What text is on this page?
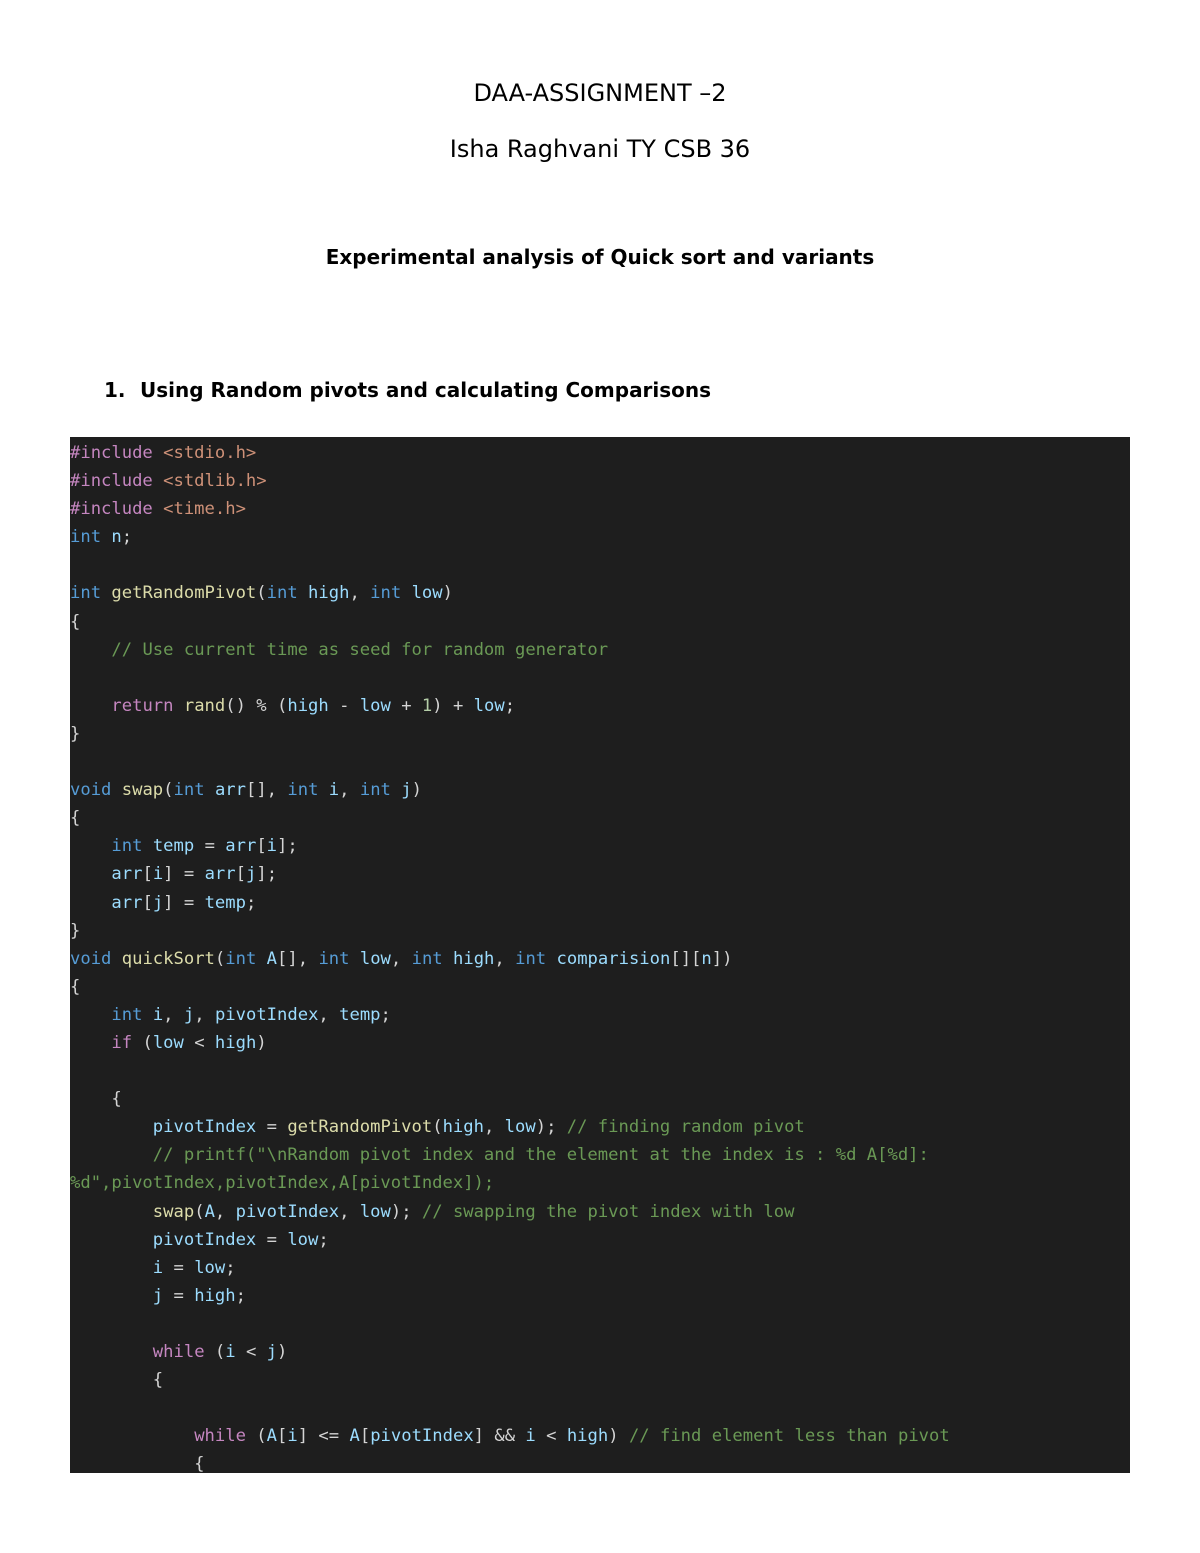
DAA-ASSIGNMENT –2
Isha Raghvani TY CSB 36
Experimental analysis of Quick sort and variants
1. Using Random pivots and calculating Comparisons
#include <stdio.h>
#include <stdlib.h>
#include <time.h>
int n;
int getRandomPivot(int high, int low)
{
// Use current time as seed for random generator
return rand() % (high - low + 1) + low;
}
void swap(int arr[], int i, int j)
{
int temp = arr[i];
arr[i] = arr[j];
arr[j] = temp;
}
void quickSort(int A[], int low, int high, int comparision[][n])
{
int i, j, pivotIndex, temp;
if (low < high)
{
pivotIndex = getRandomPivot(high, low); // finding random pivot
// printf("\nRandom pivot index and the element at the index is : %d A[%d]:
%d",pivotIndex,pivotIndex,A[pivotIndex]);
swap(A, pivotIndex, low); // swapping the pivot index with low
pivotIndex = low;
i = low;
j = high;
while (i < j)
{
while (A[i] <= A[pivotIndex] && i < high) // find element less than pivot
{
